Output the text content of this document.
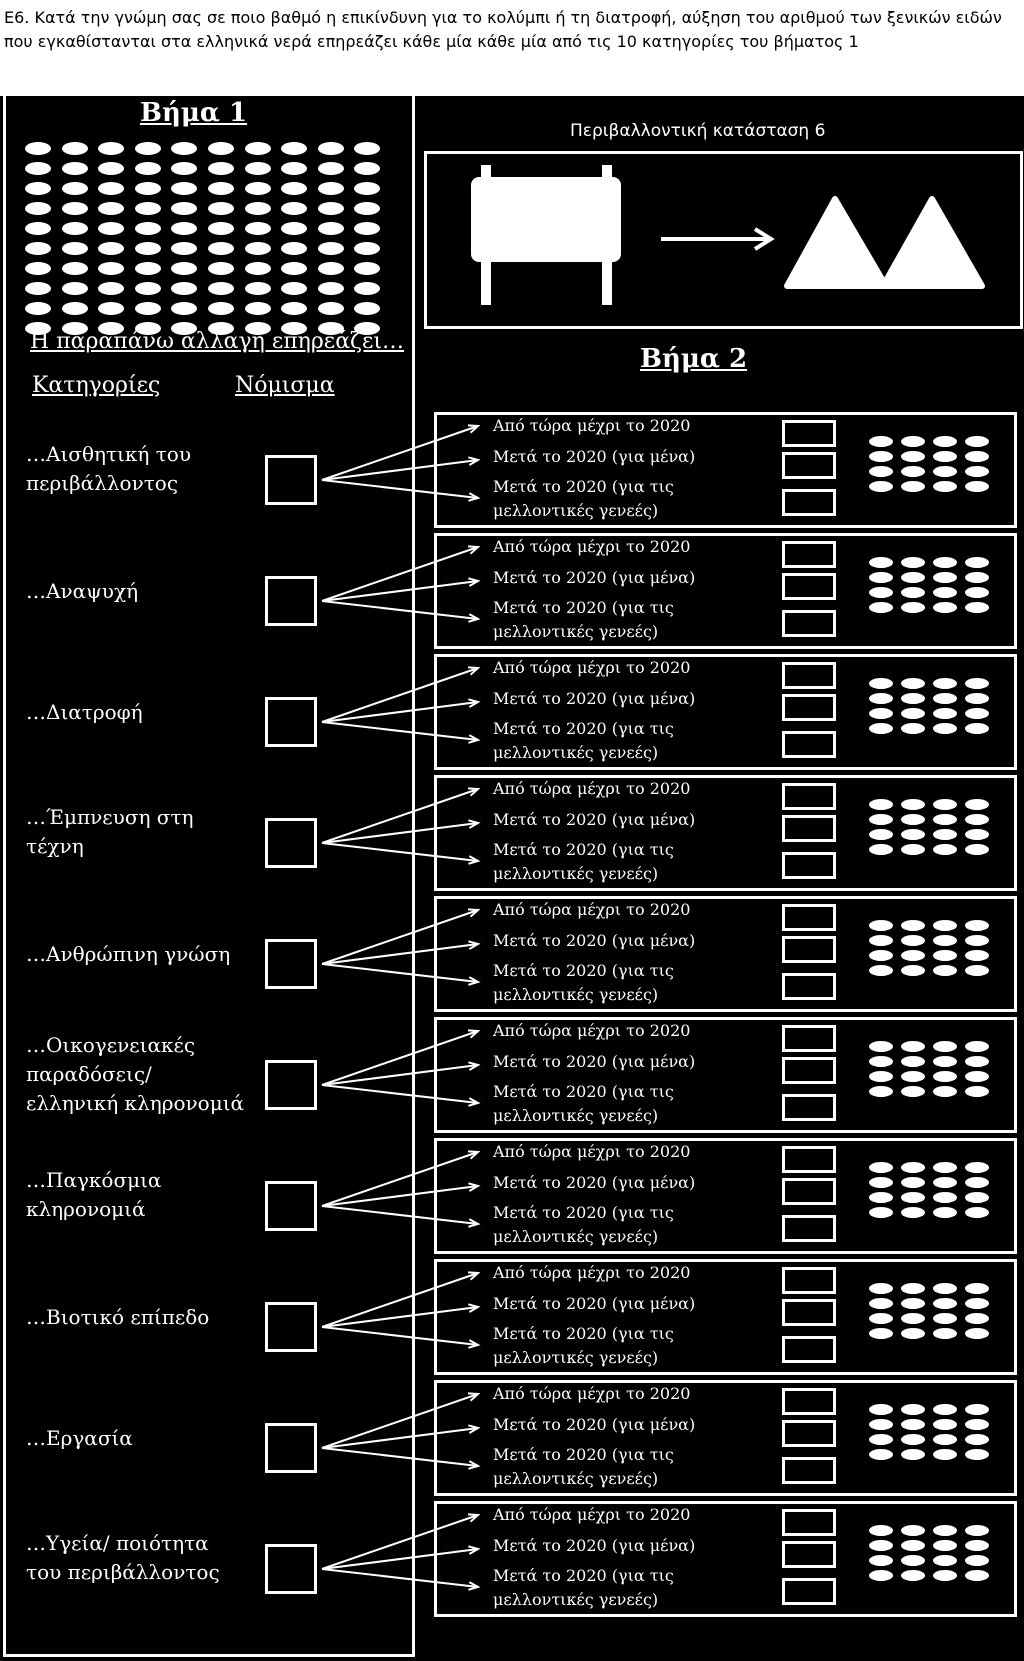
Ε6. Κατά την γνώμη σας σε ποιο βαθμό η επικίνδυνη για το κολύμπι ή τη διατροφή, αύξηση του αριθμού των ξενικών ειδών που εγκαθίστανται στα ελληνικά νερά επηρεάζει κάθε μία κάθε μία από τις 10 κατηγορίες του βήματος 1
Βήμα 1
Η παραπάνω αλλαγή επηρεάζει…
Κατηγορίες	Νόμισμα
Περιβαλλοντική κατάσταση 6
Βήμα 2
…Αισθητική του
περιβάλλοντος
Από τώρα μέχρι το 2020
Μετά το 2020 (για μένα)
Μετά το 2020 (για τις
μελλοντικές γενεές)
…Αναψυχή
Από τώρα μέχρι το 2020
Μετά το 2020 (για μένα)
Μετά το 2020 (για τις
μελλοντικές γενεές)
…Διατροφή
Από τώρα μέχρι το 2020
Μετά το 2020 (για μένα)
Μετά το 2020 (για τις
μελλοντικές γενεές)
…Έμπνευση στη
τέχνη
Από τώρα μέχρι το 2020
Μετά το 2020 (για μένα)
Μετά το 2020 (για τις
μελλοντικές γενεές)
…Ανθρώπινη γνώση
Από τώρα μέχρι το 2020
Μετά το 2020 (για μένα)
Μετά το 2020 (για τις
μελλοντικές γενεές)
…Οικογενειακές
παραδόσεις/
ελληνική κληρονομιά
Από τώρα μέχρι το 2020
Μετά το 2020 (για μένα)
Μετά το 2020 (για τις
μελλοντικές γενεές)
…Παγκόσμια
κληρονομιά
Από τώρα μέχρι το 2020
Μετά το 2020 (για μένα)
Μετά το 2020 (για τις
μελλοντικές γενεές)
…Βιοτικό επίπεδο
Από τώρα μέχρι το 2020
Μετά το 2020 (για μένα)
Μετά το 2020 (για τις
μελλοντικές γενεές)
…Εργασία
Από τώρα μέχρι το 2020
Μετά το 2020 (για μένα)
Μετά το 2020 (για τις
μελλοντικές γενεές)
…Υγεία/ ποιότητα
του περιβάλλοντος
Από τώρα μέχρι το 2020
Μετά το 2020 (για μένα)
Μετά το 2020 (για τις
μελλοντικές γενεές)
